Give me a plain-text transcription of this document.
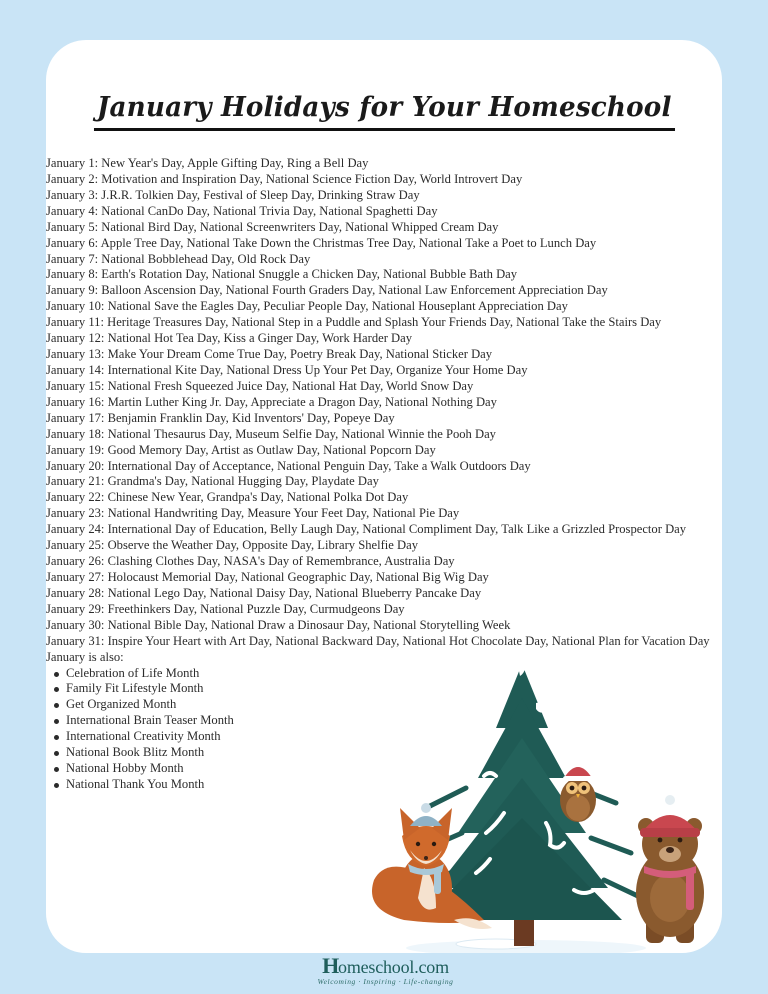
January Holidays for Your Homeschool
January 1: New Year's Day, Apple Gifting Day, Ring a Bell Day
January 2: Motivation and Inspiration Day, National Science Fiction Day, World Introvert Day
January 3: J.R.R. Tolkien Day, Festival of Sleep Day, Drinking Straw Day
January 4: National CanDo Day, National Trivia Day, National Spaghetti Day
January 5: National Bird Day, National Screenwriters Day, National Whipped Cream Day
January 6: Apple Tree Day, National Take Down the Christmas Tree Day, National Take a Poet to Lunch Day
January 7: National Bobblehead Day, Old Rock Day
January 8: Earth's Rotation Day, National Snuggle a Chicken Day, National Bubble Bath Day
January 9: Balloon Ascension Day, National Fourth Graders Day, National Law Enforcement Appreciation Day
January 10: National Save the Eagles Day, Peculiar People Day, National Houseplant Appreciation Day
January 11: Heritage Treasures Day, National Step in a Puddle and Splash Your Friends Day, National Take the Stairs Day
January 12: National Hot Tea Day, Kiss a Ginger Day, Work Harder Day
January 13: Make Your Dream Come True Day, Poetry Break Day, National Sticker Day
January 14: International Kite Day, National Dress Up Your Pet Day, Organize Your Home Day
January 15: National Fresh Squeezed Juice Day, National Hat Day, World Snow Day
January 16: Martin Luther King Jr. Day, Appreciate a Dragon Day, National Nothing Day
January 17: Benjamin Franklin Day, Kid Inventors' Day, Popeye Day
January 18: National Thesaurus Day, Museum Selfie Day, National Winnie the Pooh Day
January 19: Good Memory Day, Artist as Outlaw Day, National Popcorn Day
January 20: International Day of Acceptance, National Penguin Day, Take a Walk Outdoors Day
January 21: Grandma's Day, National Hugging Day, Playdate Day
January 22: Chinese New Year, Grandpa's Day, National Polka Dot Day
January 23: National Handwriting Day, Measure Your Feet Day, National Pie Day
January 24: International Day of Education, Belly Laugh Day, National Compliment Day, Talk Like a Grizzled Prospector Day
January 25: Observe the Weather Day, Opposite Day, Library Shelfie Day
January 26: Clashing Clothes Day, NASA's Day of Remembrance, Australia Day
January 27: Holocaust Memorial Day, National Geographic Day, National Big Wig Day
January 28: National Lego Day, National Daisy Day, National Blueberry Pancake Day
January 29: Freethinkers Day, National Puzzle Day, Curmudgeons Day
January 30: National Bible Day, National Draw a Dinosaur Day, National Storytelling Week
January 31: Inspire Your Heart with Art Day, National Backward Day, National Hot Chocolate Day, National Plan for Vacation Day
January is also:
Celebration of Life Month
Family Fit Lifestyle Month
Get Organized Month
International Brain Teaser Month
International Creativity Month
National Book Blitz Month
National Hobby Month
National Thank You Month
Homeschool.com
Welcoming · Inspiring · Life-changing
